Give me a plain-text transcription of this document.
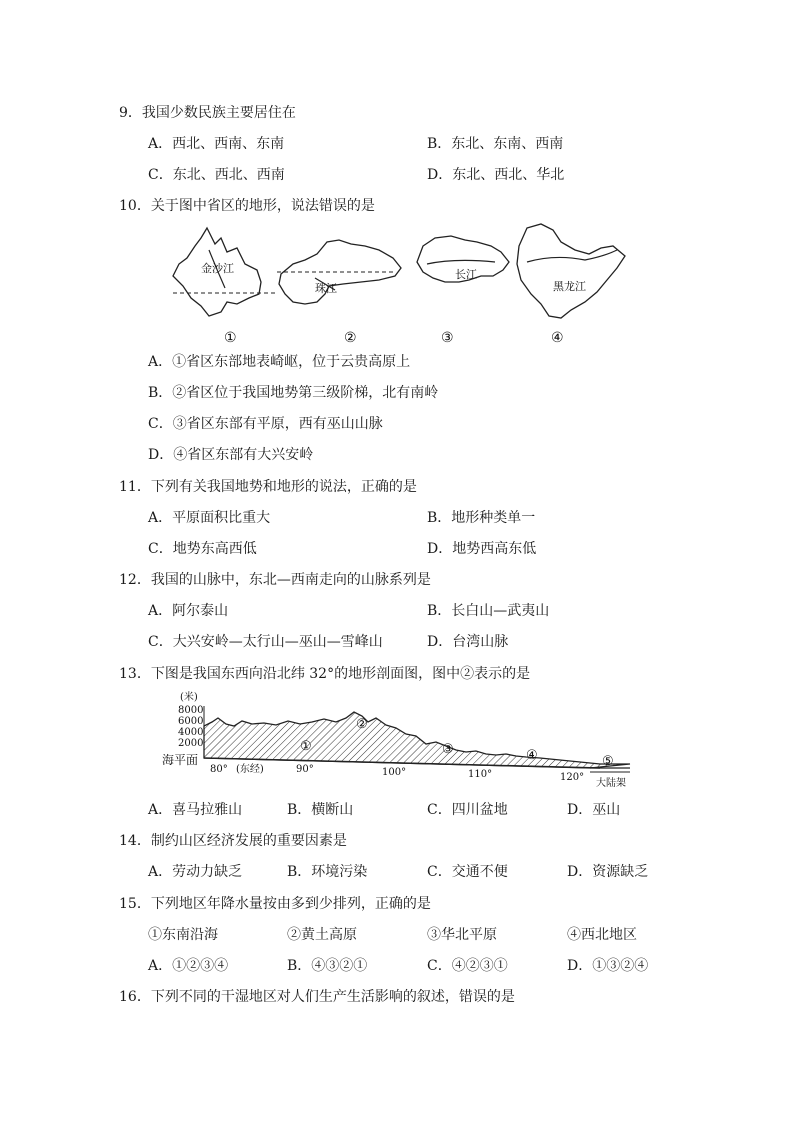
9．我国少数民族主要居住在
A．西北、西南、东南	B．东北、东南、西南
C．东北、西北、西南	D．东北、西北、华北
10．关于图中省区的地形，说法错误的是
金沙江
珠江
长江
黑龙江
①	②	③	④
A．①省区东部地表崎岖，位于云贵高原上
B．②省区位于我国地势第三级阶梯，北有南岭
C．③省区东部有平原，西有巫山山脉
D．④省区东部有大兴安岭
11．下列有关我国地势和地形的说法，正确的是
A．平原面积比重大	B．地形种类单一
C．地势东高西低	D．地势西高东低
12．我国的山脉中，东北—西南走向的山脉系列是
A．阿尔泰山	B．长白山—武夷山
C．大兴安岭—太行山—巫山—雪峰山	D．台湾山脉
13．下图是我国东西向沿北纬 32°的地形剖面图，图中②表示的是
(米)
8000
6000
4000
2000
海平面
①
②
③	④	⑤
80° (东经)	90°	100°	110°	120°
大陆架
A．喜马拉雅山	B．横断山	C．四川盆地	D．巫山
14．制约山区经济发展的重要因素是
A．劳动力缺乏	B．环境污染	C．交通不便	D．资源缺乏
15．下列地区年降水量按由多到少排列，正确的是
①东南沿海	②黄土高原	③华北平原	④西北地区
A．①②③④	B．④③②①	C．④②③①	D．①③②④
16．下列不同的干湿地区对人们生产生活影响的叙述，错误的是
